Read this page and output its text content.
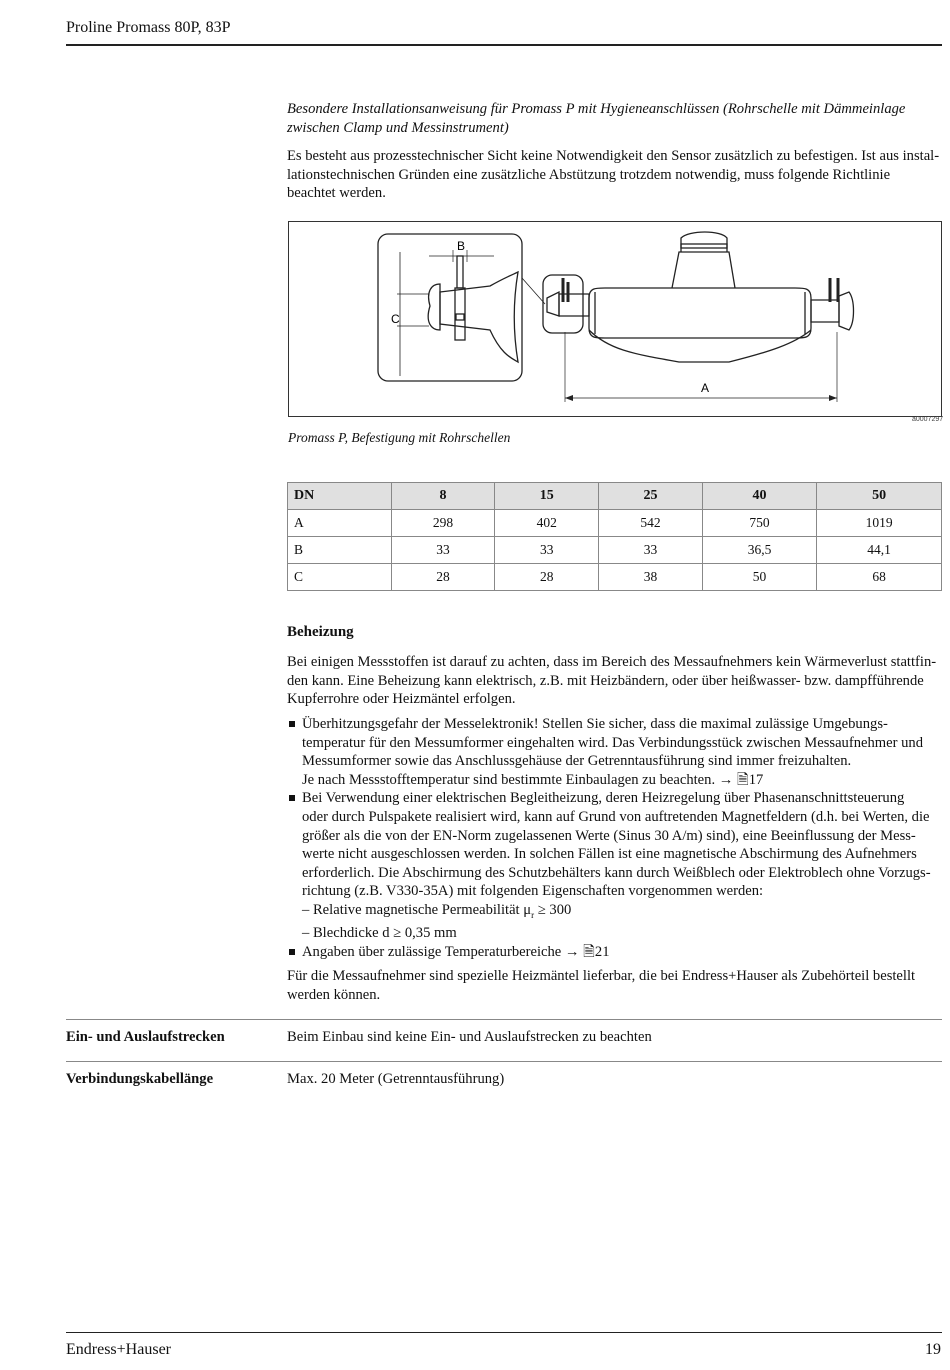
Proline Promass 80P, 83P
Besondere Installationsanweisung für Promass P mit Hygieneanschlüssen (Rohrschelle mit Dämmeinlage
zwischen Clamp und Messinstrument)
Es besteht aus prozesstechnischer Sicht keine Notwendigkeit den Sensor zusätzlich zu befestigen. Ist aus instal-
lationstechnischen Gründen eine zusätzliche Abstützung trotzdem notwendig, muss folgende Richtlinie
beachtet werden.
A
B
C
a0007297
Promass P, Befestigung mit Rohrschellen
DN	8	15	25	40	50
A	298	402	542	750	1019
B	33	33	33	36,5	44,1
C	28	28	38	50	68
Beheizung
Bei einigen Messstoffen ist darauf zu achten, dass im Bereich des Messaufnehmers kein Wärmeverlust stattfin-
den kann. Eine Beheizung kann elektrisch, z.B. mit Heizbändern, oder über heißwasser- bzw. dampfführende
Kupferrohre oder Heizmäntel erfolgen.
Überhitzungsgefahr der Messelektronik! Stellen Sie sicher, dass die maximal zulässige Umgebungs-
temperatur für den Messumformer eingehalten wird. Das Verbindungsstück zwischen Messaufnehmer und
Messumformer sowie das Anschlussgehäuse der Getrenntausführung sind immer freizuhalten.
Je nach Messstofftemperatur sind bestimmte Einbaulagen zu beachten. → 🗎17
Bei Verwendung einer elektrischen Begleitheizung, deren Heizregelung über Phasenanschnittsteuerung
oder durch Pulspakete realisiert wird, kann auf Grund von auftretenden Magnetfeldern (d.h. bei Werten, die
größer als die von der EN-Norm zugelassenen Werte (Sinus 30 A/m) sind), eine Beeinflussung der Mess-
werte nicht ausgeschlossen werden. In solchen Fällen ist eine magnetische Abschirmung des Aufnehmers
erforderlich. Die Abschirmung des Schutzbehälters kann durch Weißblech oder Elektroblech ohne Vorzugs-
richtung (z.B. V330-35A) mit folgenden Eigenschaften vorgenommen werden:
– Relative magnetische Permeabilität $\mu_r \ge 300$
– Blechdicke d ≥ 0,35 mm
Angaben über zulässige Temperaturbereiche → 🗎21
Für die Messaufnehmer sind spezielle Heizmäntel lieferbar, die bei Endress+Hauser als Zubehörteil bestellt
werden können.
Ein- und Auslaufstrecken	Beim Einbau sind keine Ein- und Auslaufstrecken zu beachten
Verbindungskabellänge	Max. 20 Meter (Getrenntausführung)
Endress+Hauser	19
